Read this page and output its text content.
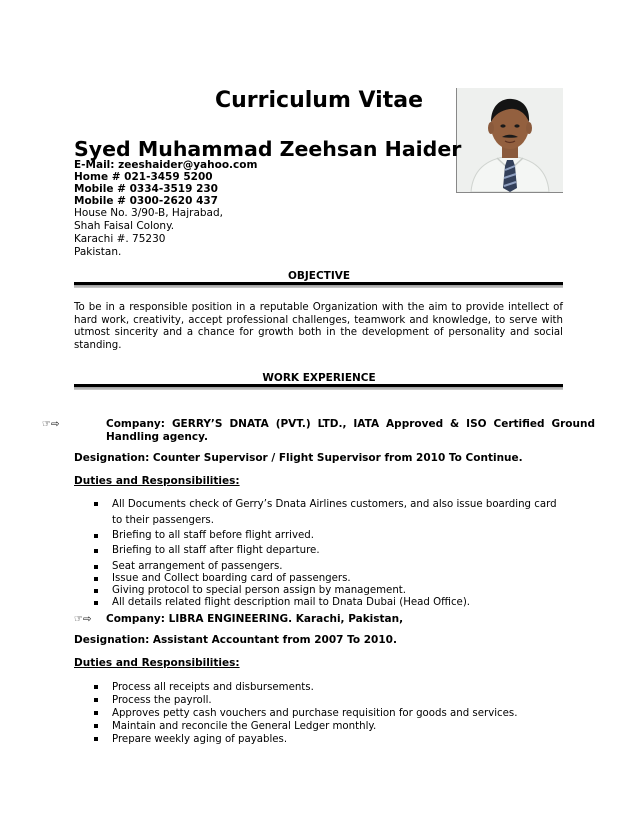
Curriculum Vitae
Syed Muhammad Zeehsan Haider
E-Mail: zeeshaider@yahoo.com
Home # 021-3459 5200
Mobile # 0334-3519 230
Mobile # 0300-2620 437
House No. 3/90-B, Hajrabad,
Shah Faisal Colony.
Karachi #. 75230
Pakistan.
OBJECTIVE
To be in a responsible position in a reputable Organization with the aim to provide intellect of hard work, creativity, accept professional challenges, teamwork and knowledge, to serve with utmost sincerity and a chance for growth both in the development of personality and social standing.
WORK EXPERIENCE
☞⇨	Company: GERRY’S DNATA (PVT.) LTD., IATA Approved & ISO Certified Ground Handling agency.
Designation: Counter Supervisor / Flight Supervisor from 2010 To Continue.
Duties and Responsibilities:
All Documents check of Gerry’s Dnata Airlines customers, and also issue boarding card to their passengers.
Briefing to all staff before flight arrived.
Briefing to all staff after flight departure.
Seat arrangement of passengers.
Issue and Collect boarding card of passengers.
Giving protocol to special person assign by management.
All details related flight description mail to Dnata Dubai (Head Office).
☞⇨ Company: LIBRA ENGINEERING. Karachi, Pakistan,
Designation: Assistant Accountant from 2007 To 2010.
Duties and Responsibilities:
Process all receipts and disbursements.
Process the payroll.
Approves petty cash vouchers and purchase requisition for goods and services.
Maintain and reconcile the General Ledger monthly.
Prepare weekly aging of payables.
